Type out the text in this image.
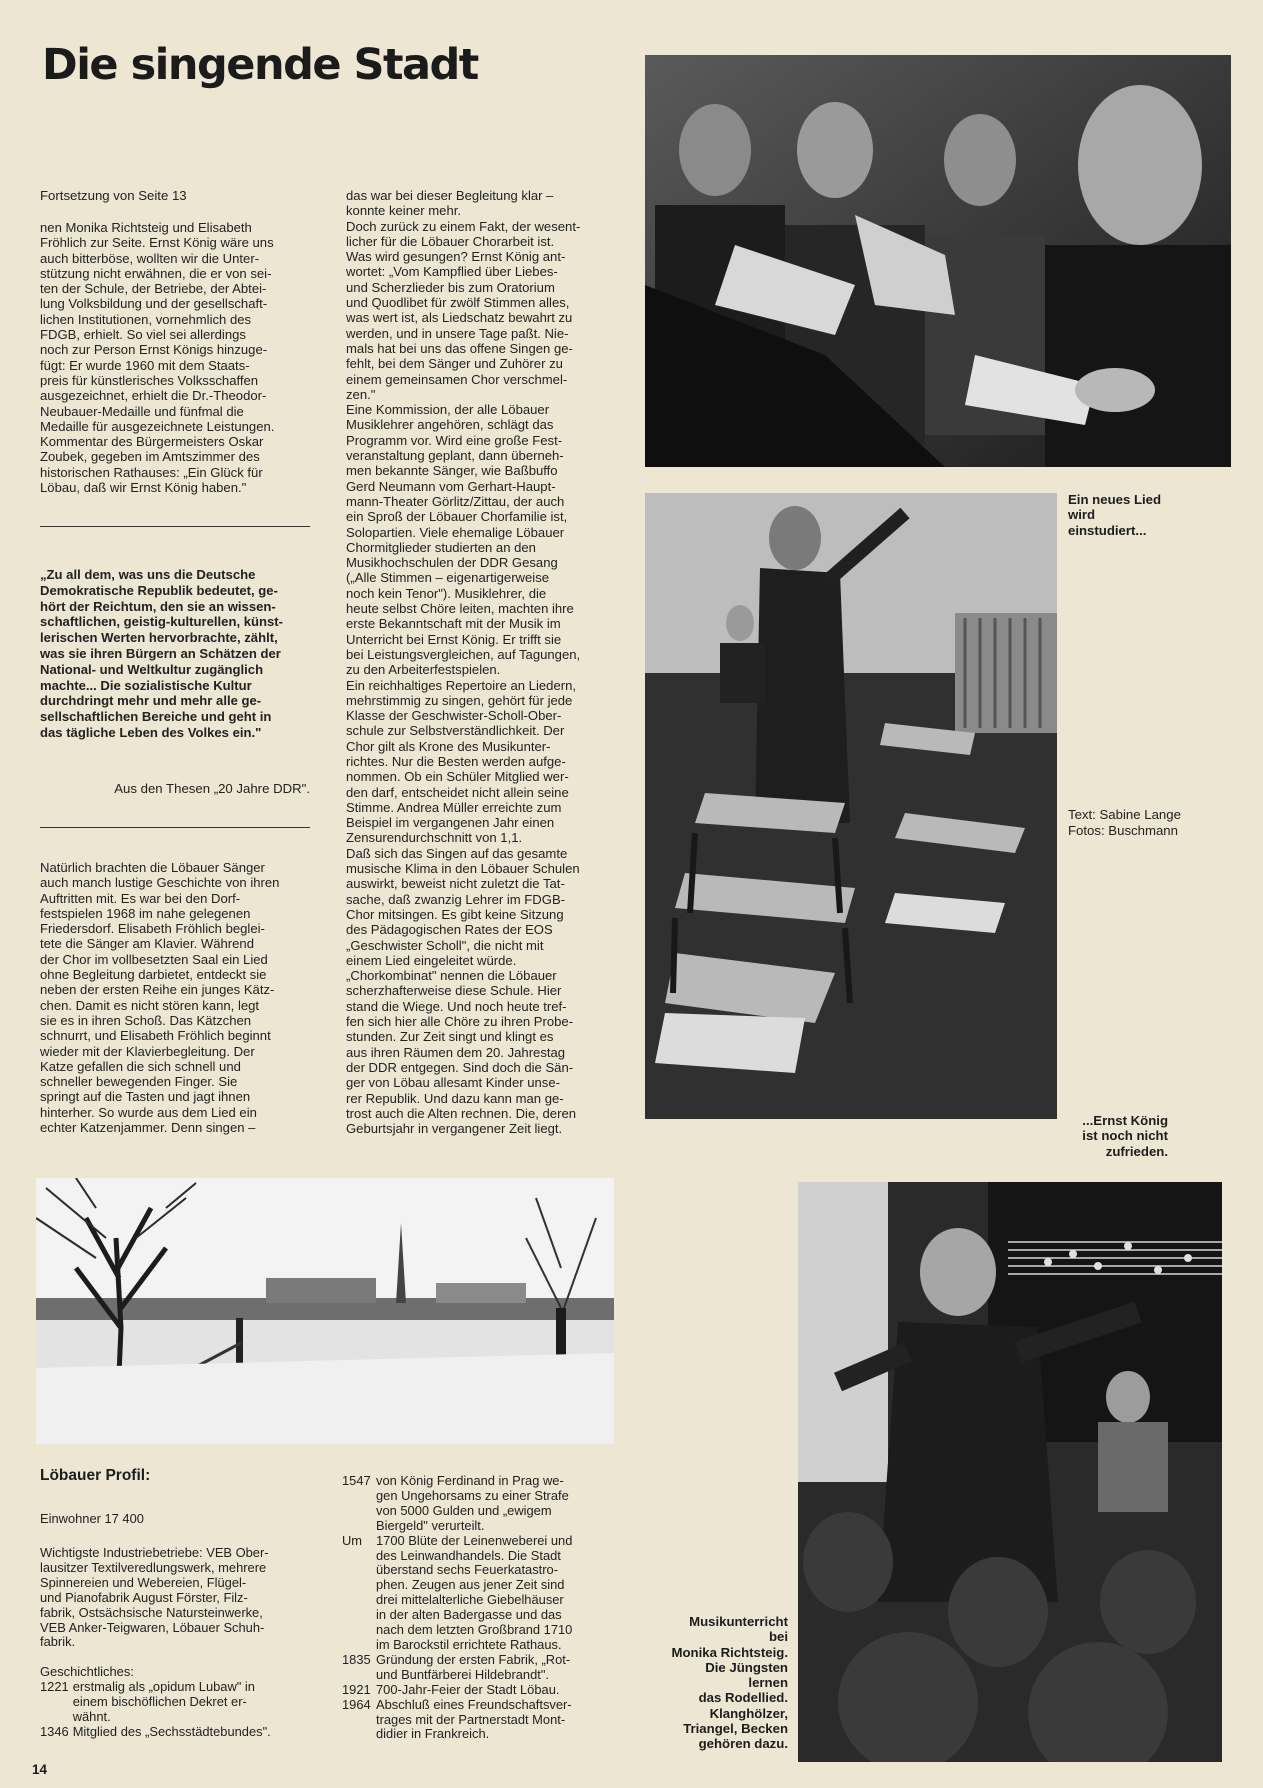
Die singende Stadt
Fortsetzung von Seite 13
nen Monika Richtsteig und Elisabeth
Fröhlich zur Seite. Ernst König wäre uns
auch bitterböse, wollten wir die Unter-
stützung nicht erwähnen, die er von sei-
ten der Schule, der Betriebe, der Abtei-
lung Volksbildung und der gesellschaft-
lichen Institutionen, vornehmlich des
FDGB, erhielt. So viel sei allerdings
noch zur Person Ernst Königs hinzuge-
fügt: Er wurde 1960 mit dem Staats-
preis für künstlerisches Volksschaffen
ausgezeichnet, erhielt die Dr.-Theodor-
Neubauer-Medaille und fünfmal die
Medaille für ausgezeichnete Leistungen.
Kommentar des Bürgermeisters Oskar
Zoubek, gegeben im Amtszimmer des
historischen Rathauses: „Ein Glück für
Löbau, daß wir Ernst König haben."
„Zu all dem, was uns die Deutsche
Demokratische Republik bedeutet, ge-
hört der Reichtum, den sie an wissen-
schaftlichen, geistig-kulturellen, künst-
lerischen Werten hervorbrachte, zählt,
was sie ihren Bürgern an Schätzen der
National- und Weltkultur zugänglich
machte... Die sozialistische Kultur
durchdringt mehr und mehr alle ge-
sellschaftlichen Bereiche und geht in
das tägliche Leben des Volkes ein."
Aus den Thesen „20 Jahre DDR".
Natürlich brachten die Löbauer Sänger
auch manch lustige Geschichte von ihren
Auftritten mit. Es war bei den Dorf-
festspielen 1968 im nahe gelegenen
Friedersdorf. Elisabeth Fröhlich beglei-
tete die Sänger am Klavier. Während
der Chor im vollbesetzten Saal ein Lied
ohne Begleitung darbietet, entdeckt sie
neben der ersten Reihe ein junges Kätz-
chen. Damit es nicht stören kann, legt
sie es in ihren Schoß. Das Kätzchen
schnurrt, und Elisabeth Fröhlich beginnt
wieder mit der Klavierbegleitung. Der
Katze gefallen die sich schnell und
schneller bewegenden Finger. Sie
springt auf die Tasten und jagt ihnen
hinterher. So wurde aus dem Lied ein
echter Katzenjammer. Denn singen –
das war bei dieser Begleitung klar –
konnte keiner mehr.
Doch zurück zu einem Fakt, der wesent-
licher für die Löbauer Chorarbeit ist.
Was wird gesungen? Ernst König ant-
wortet: „Vom Kampflied über Liebes-
und Scherzlieder bis zum Oratorium
und Quodlibet für zwölf Stimmen alles,
was wert ist, als Liedschatz bewahrt zu
werden, und in unsere Tage paßt. Nie-
mals hat bei uns das offene Singen ge-
fehlt, bei dem Sänger und Zuhörer zu
einem gemeinsamen Chor verschmel-
zen."
Eine Kommission, der alle Löbauer
Musiklehrer angehören, schlägt das
Programm vor. Wird eine große Fest-
veranstaltung geplant, dann überneh-
men bekannte Sänger, wie Baßbuffo
Gerd Neumann vom Gerhart-Haupt-
mann-Theater Görlitz/Zittau, der auch
ein Sproß der Löbauer Chorfamilie ist,
Solopartien. Viele ehemalige Löbauer
Chormitglieder studierten an den
Musikhochschulen der DDR Gesang
(„Alle Stimmen – eigenartigerweise
noch kein Tenor"). Musiklehrer, die
heute selbst Chöre leiten, machten ihre
erste Bekanntschaft mit der Musik im
Unterricht bei Ernst König. Er trifft sie
bei Leistungsvergleichen, auf Tagungen,
zu den Arbeiterfestspielen.
Ein reichhaltiges Repertoire an Liedern,
mehrstimmig zu singen, gehört für jede
Klasse der Geschwister-Scholl-Ober-
schule zur Selbstverständlichkeit. Der
Chor gilt als Krone des Musikunter-
richtes. Nur die Besten werden aufge-
nommen. Ob ein Schüler Mitglied wer-
den darf, entscheidet nicht allein seine
Stimme. Andrea Müller erreichte zum
Beispiel im vergangenen Jahr einen
Zensurendurchschnitt von 1,1.
Daß sich das Singen auf das gesamte
musische Klima in den Löbauer Schulen
auswirkt, beweist nicht zuletzt die Tat-
sache, daß zwanzig Lehrer im FDGB-
Chor mitsingen. Es gibt keine Sitzung
des Pädagogischen Rates der EOS
„Geschwister Scholl", die nicht mit
einem Lied eingeleitet würde.
„Chorkombinat" nennen die Löbauer
scherzhafterweise diese Schule. Hier
stand die Wiege. Und noch heute tref-
fen sich hier alle Chöre zu ihren Probe-
stunden. Zur Zeit singt und klingt es
aus ihren Räumen dem 20. Jahrestag
der DDR entgegen. Sind doch die Sän-
ger von Löbau allesamt Kinder unse-
rer Republik. Und dazu kann man ge-
trost auch die Alten rechnen. Die, deren
Geburtsjahr in vergangener Zeit liegt.
Ein neues Lied
wird
einstudiert...
Text: Sabine Lange
Fotos: Buschmann
...Ernst König
ist noch nicht
zufrieden.
Musikunterricht
bei
Monika Richtsteig.
Die Jüngsten
lernen
das Rodellied.
Klanghölzer,
Triangel, Becken
gehören dazu.
Löbauer Profil:
Einwohner 17 400
Wichtigste Industriebetriebe: VEB Ober-
lausitzer Textilveredlungswerk, mehrere
Spinnereien und Webereien, Flügel-
und Pianofabrik August Förster, Filz-
fabrik, Ostsächsische Natursteinwerke,
VEB Anker-Teigwaren, Löbauer Schuh-
fabrik.
Geschichtliches:
1221 erstmalig als „opidum Lubaw" in
einem bischöflichen Dekret er-
wähnt.
1346 Mitglied des „Sechsstädtebundes".
1547 von König Ferdinand in Prag we-
gen Ungehorsams zu einer Strafe
von 5000 Gulden und „ewigem
Biergeld" verurteilt.
Um	1700 Blüte der Leinenweberei und
des Leinwandhandels. Die Stadt
überstand sechs Feuerkatastro-
phen. Zeugen aus jener Zeit sind
drei mittelalterliche Giebelhäuser
in der alten Badergasse und das
nach dem letzten Großbrand 1710
im Barockstil errichtete Rathaus.
1835 Gründung der ersten Fabrik, „Rot-
und Buntfärberei Hildebrandt".
1921 700-Jahr-Feier der Stadt Löbau.
1964 Abschluß eines Freundschaftsver-
trages mit der Partnerstadt Mont-
didier in Frankreich.
14
